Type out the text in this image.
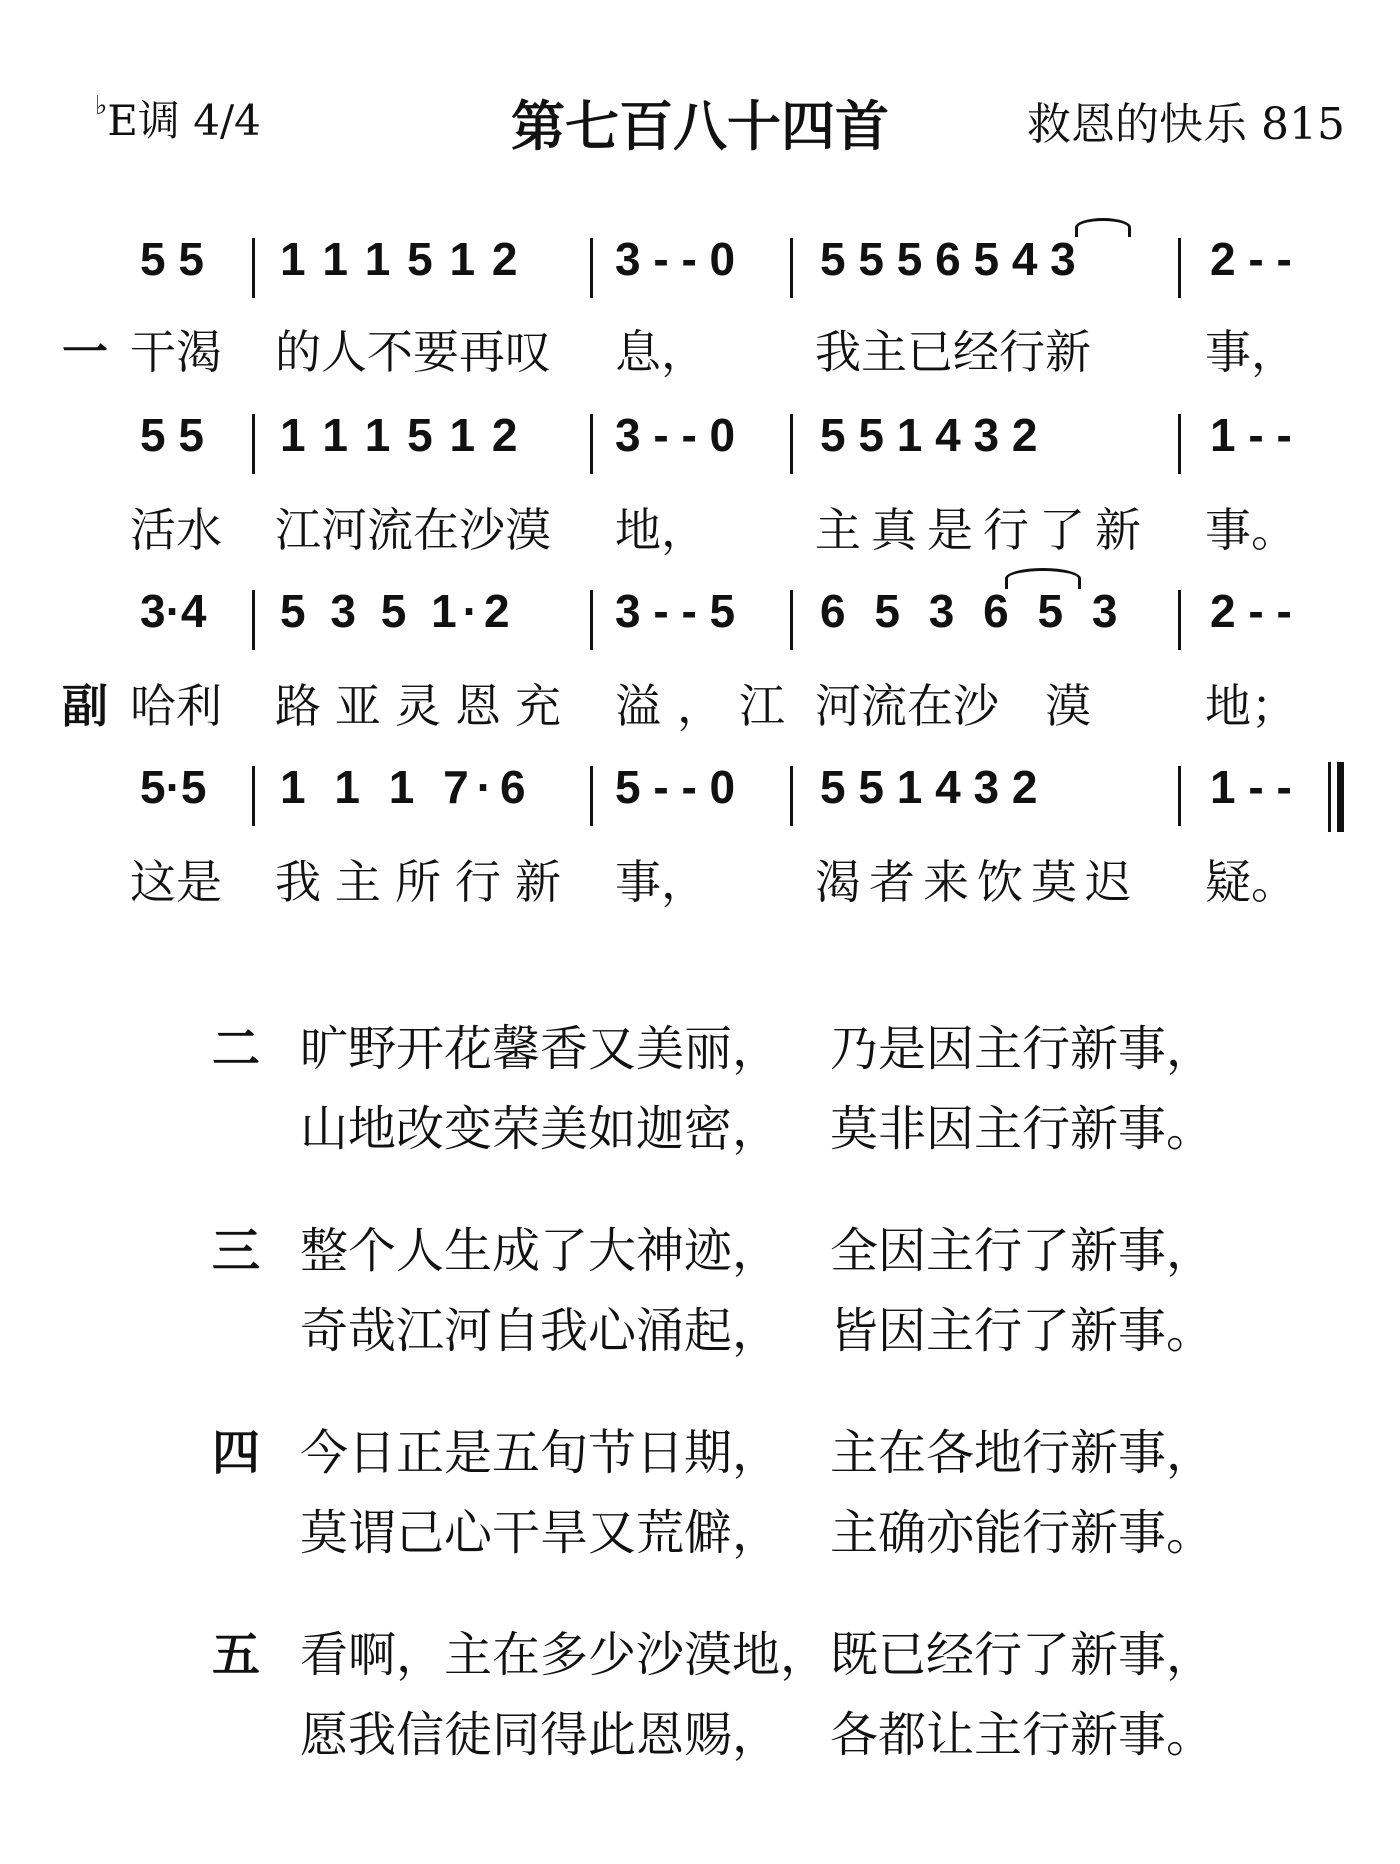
♭E调 4/4	第七百八十四首	救恩的快乐 815
5 5 1 1 1 5 1 2 3 - - 0 5 5 5 6 5 4 3	2 - -
一 干渴 的人不要再叹 息， 我主已经行新 事，
5 5 1 1 1 5 1 2 3 - - 0 5 5 1 4 3 2	1 - -
活水 江河流在沙漠 地， 主真是行了新 事。
3·4 5 3 5 1·2 3 - - 5 6 5 3 6 5 3 2 - -
副 哈利 路亚灵恩充 溢，江 河流在沙　漠 地；
5·5 1 1 1 7·6 5 - - 0 5 5 1 4 3 2	1 - -
这是 我主所行新 事， 渴者来饮莫迟 疑。
二 旷野开花馨香又美丽， 乃是因主行新事，
山地改变荣美如迦密， 莫非因主行新事。
三 整个人生成了大神迹， 全因主行了新事，
奇哉江河自我心涌起， 皆因主行了新事。
四 今日正是五旬节日期， 主在各地行新事，
莫谓己心干旱又荒僻， 主确亦能行新事。
五 看啊，主在多少沙漠地， 既已经行了新事，
愿我信徒同得此恩赐， 各都让主行新事。
